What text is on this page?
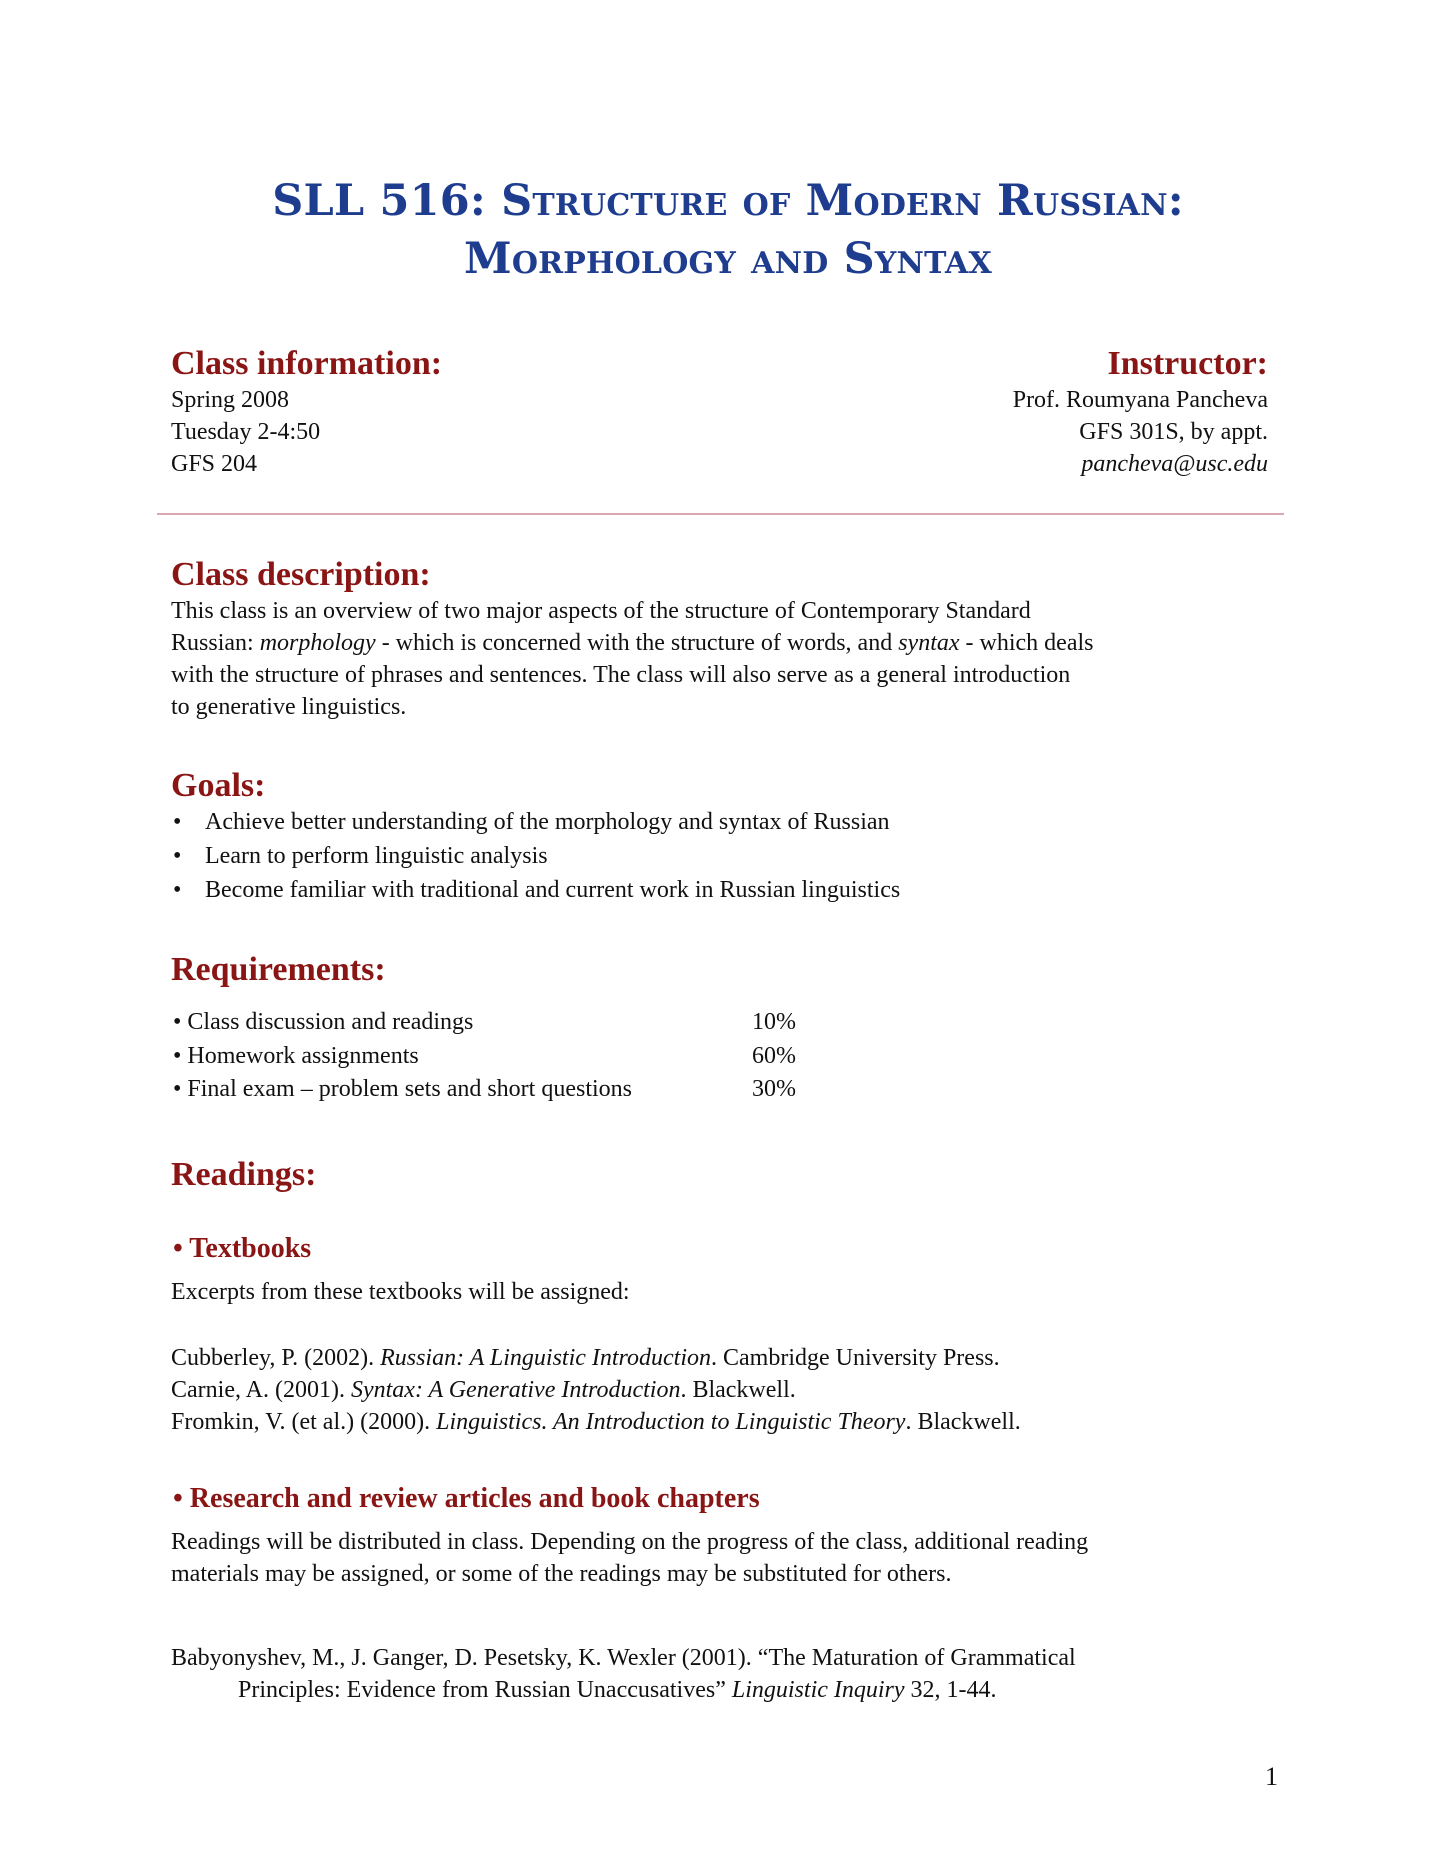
SLL 516: Structure of Modern Russian:
Morphology and Syntax
Class information:
Spring 2008
Tuesday 2-4:50
GFS 204
Instructor:
Prof. Roumyana Pancheva
GFS 301S, by appt.
pancheva@usc.edu
Class description:
This class is an overview of two major aspects of the structure of Contemporary Standard
Russian: morphology - which is concerned with the structure of words, and syntax - which deals
with the structure of phrases and sentences. The class will also serve as a general introduction
to generative linguistics.
Goals:
• Achieve better understanding of the morphology and syntax of Russian
• Learn to perform linguistic analysis
• Become familiar with traditional and current work in Russian linguistics
Requirements:
• Class discussion and readings	10%
• Homework assignments	60%
• Final exam – problem sets and short questions	30%
Readings:
• Textbooks
Excerpts from these textbooks will be assigned:
Cubberley, P. (2002). Russian: A Linguistic Introduction. Cambridge University Press.
Carnie, A. (2001). Syntax: A Generative Introduction. Blackwell.
Fromkin, V. (et al.) (2000). Linguistics. An Introduction to Linguistic Theory. Blackwell.
• Research and review articles and book chapters
Readings will be distributed in class. Depending on the progress of the class, additional reading
materials may be assigned, or some of the readings may be substituted for others.
Babyonyshev, M., J. Ganger, D. Pesetsky, K. Wexler (2001). “The Maturation of Grammatical
Principles: Evidence from Russian Unaccusatives” Linguistic Inquiry 32, 1-44.
1
